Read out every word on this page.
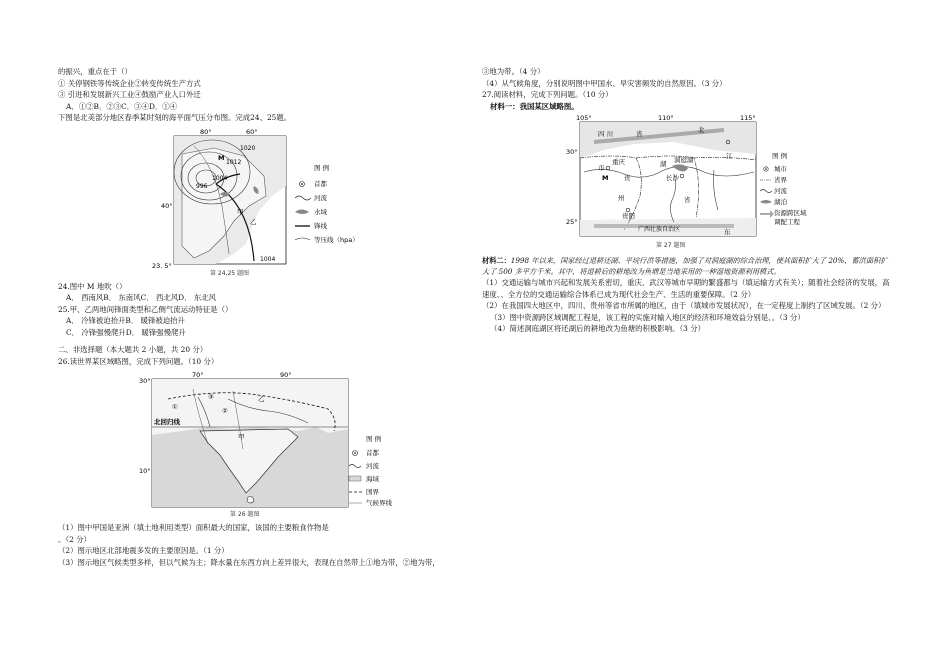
的振兴，重点在于（）
① 关停钢铁等传统企业②转变传统生产方式
③ 引进和发展新兴工业④鼓励产业人口外迁
A．①②B．②③C．③④D．①④
下图是北美部分地区春季某时刻的海平面气压分布图。完成24、25题。
80°	60°
40°
23. 5°
1020
1012
1004
996
1004
M
甲
乙
图 例
首都
河流
水域
锋线
等压线（hpa）
第 24,25 题图
24.图中 M 地吹（）
A． 西南风B． 东南风C． 西北风D． 东北风
25.甲、乙两地间锋面类型和乙侧气流运动特征是（）
A． 冷锋被迫抬升B． 暖锋被迫抬升
C． 冷锋强慢爬升D． 暖锋强慢爬升
二、非选择题（本大题共 2 小题，共 20 分）
26.读世界某区域略图，完成下列问题。（10 分）
30°
10°
70°	90°
北回归线
①	②
③
甲
乙
图 例
首都
河流
海域
国界
气候界线
第 26 题图
（1）图中甲国是亚洲（填土地利用类型）面积最大的国家，该国的主要粮食作物是
。（2 分）
（2）图示地区北部地震多发的主要原因是。（1 分）
（3）图示地区气候类型多样，但以气候为主；降水量在东西方向上差异很大，表现在自然带上①地为带，②地为带，
③地为带。（4 分）
（4）从气候角度，分别说明图中甲国水、旱灾害频发的自然原因。（3 分）
27.阅读材料，完成下列问题。（10 分）
材料一：我国某区域略图。
105°	110°	115°
30°
25°
四 川	省	北
重庆
市	湖 洞庭湖
长沙
江
贵阳
贵
州	省
广西壮族自治区	东
M
图 例
城市
省界
河流
湖泊
资源跨区域
调配工程
第 27 题图
材料二：1998 年以来，国家经过退耕还湖、平垸行洪等措施，加强了对洞庭湖的综合治理，使其面积扩大了 20%，蓄洪面积扩大了 500 多平方千米。其中，将退耕后的耕地改为鱼塘是当地采用的一种湿地资源利用模式。
（1）交通运输与城市兴起和发展关系密切，重庆、武汉等城市早期的繁盛都与（填运输方式有关）；随着社会经济的发展，高速度、、全方位的交通运输综合体系已成为现代社会生产、生活的重要保障。（2 分）
（2）在我国四大地区中，四川、贵州等省市所属的地区，由于（填城市发展状况），在一定程度上制约了区域发展。（2 分）
（3）图中资源跨区域调配工程是，该工程的实施对输入地区的经济和环境效益分别是、。（3 分）
（4）简述洞庭湖区将还湖后的耕地改为鱼塘的积极影响。（3 分）
